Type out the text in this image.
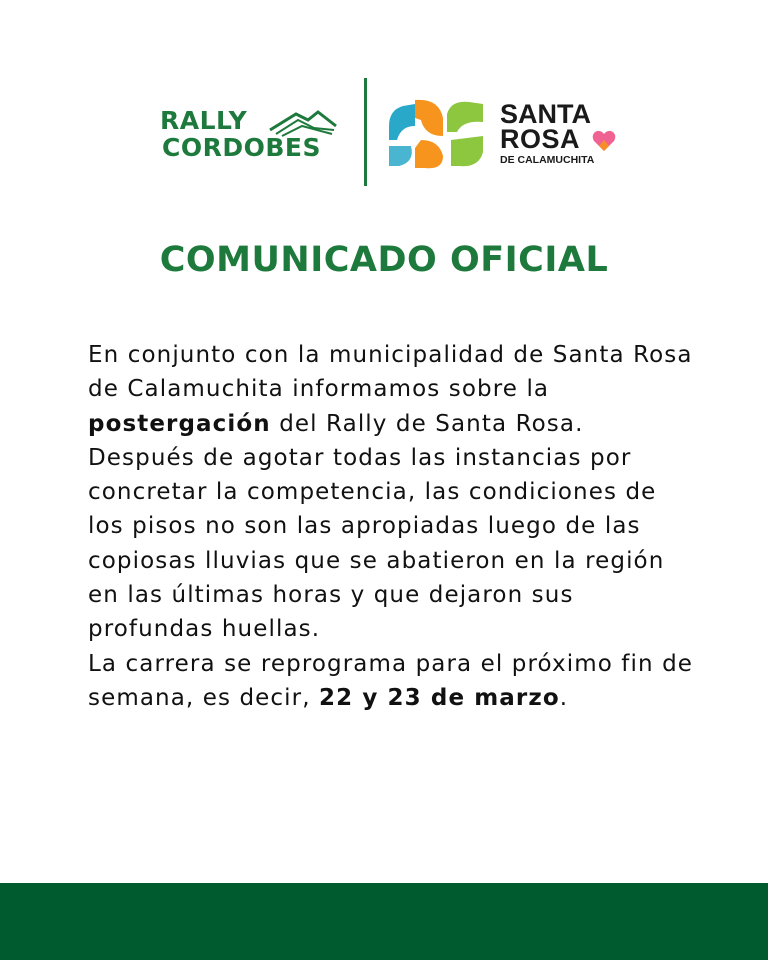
RALLY
CORDOBES
SANTA
ROSA
DE CALAMUCHITA
COMUNICADO OFICIAL
En conjunto con la municipalidad de Santa Rosa de Calamuchita informamos sobre la postergación del Rally de Santa Rosa.
Después de agotar todas las instancias por concretar la competencia, las condiciones de los pisos no son las apropiadas luego de las copiosas lluvias que se abatieron en la región en las últimas horas y que dejaron sus profundas huellas.
La carrera se reprograma para el próximo fin de semana, es decir, 22 y 23 de marzo.
